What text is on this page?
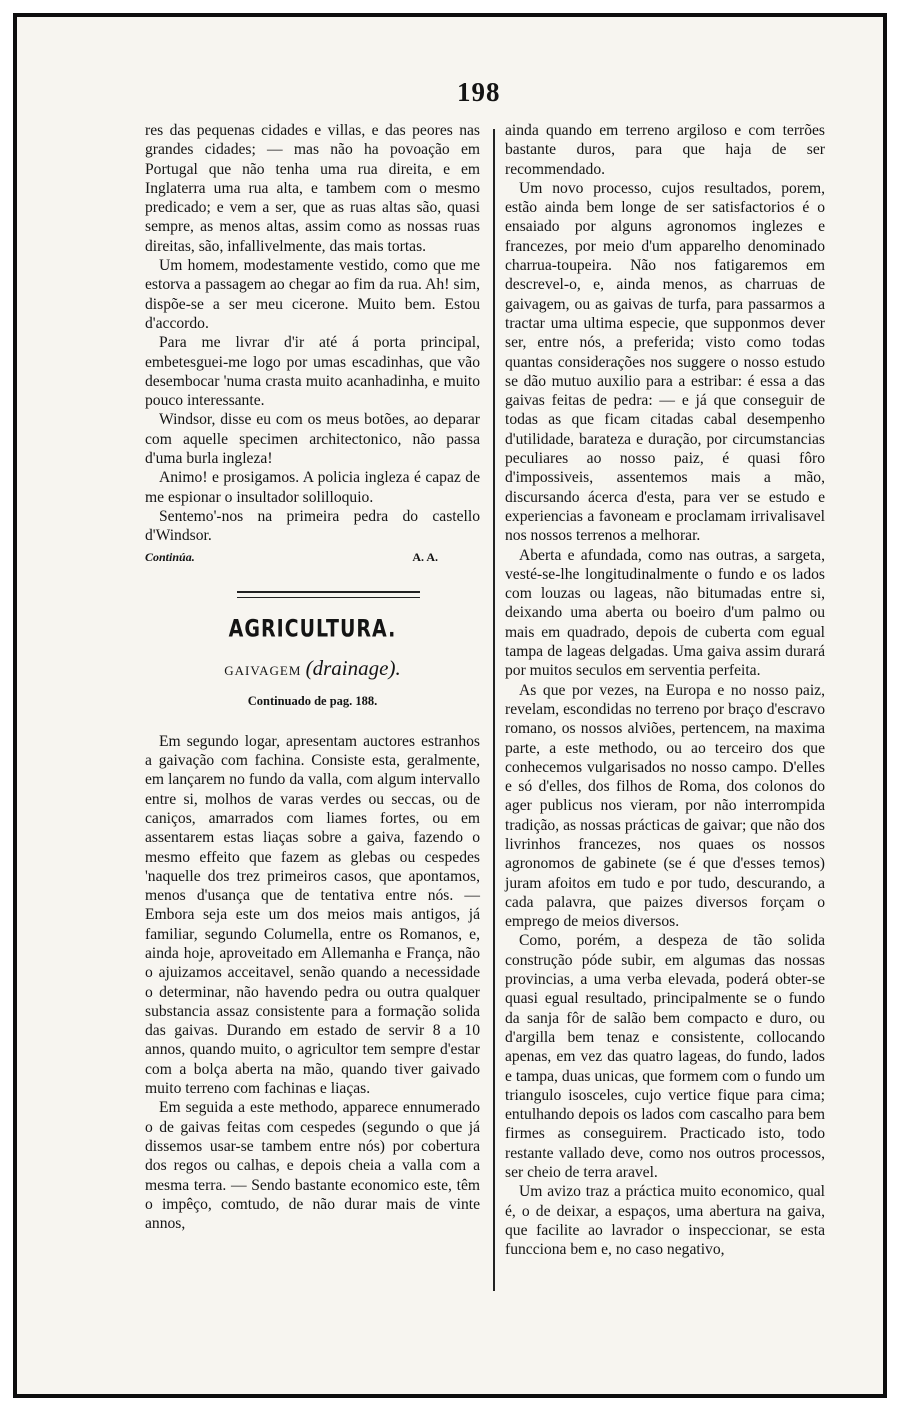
198

res das pequenas cidades e villas, e das peores nas grandes cidades; — mas não ha povoação em Portugal que não tenha uma rua direita, e em Inglaterra uma rua alta, e tambem com o mesmo predicado; e vem a ser, que as ruas altas são, quasi sempre, as menos altas, assim como as nossas ruas direitas, são, infallivelmente, das mais tortas.

Um homem, modestamente vestido, como que me estorva a passagem ao chegar ao fim da rua. Ah! sim, dispõe-se a ser meu cicerone. Muito bem. Estou d'accordo.

Para me livrar d'ir até á porta principal, embetesguei-me logo por umas escadinhas, que vão desembocar 'numa crasta muito acanhadinha, e muito pouco interessante.

Windsor, disse eu com os meus botões, ao deparar com aquelle specimen architectonico, não passa d'uma burla ingleza!

Animo! e prosigamos. A policia ingleza é capaz de me espionar o insultador solilloquio.

Sentemo'-nos na primeira pedra do castello d'Windsor.

Continúa.	A. A.
AGRICULTURA.
GAIVAGEM (drainage).
Continuado de pag. 188.

Em segundo logar, apresentam auctores estranhos a gaivação com fachina. Consiste esta, geralmente, em lançarem no fundo da valla, com algum intervallo entre si, molhos de varas verdes ou seccas, ou de caniços, amarrados com liames fortes, ou em assentarem estas liaças sobre a gaiva, fazendo o mesmo effeito que fazem as glebas ou cespedes 'naquelle dos trez primeiros casos, que apontamos, menos d'usança que de tentativa entre nós. — Embora seja este um dos meios mais antigos, já familiar, segundo Columella, entre os Romanos, e, ainda hoje, aproveitado em Allemanha e França, não o ajuizamos acceitavel, senão quando a necessidade o determinar, não havendo pedra ou outra qualquer substancia assaz consistente para a formação solida das gaivas. Durando em estado de servir 8 a 10 annos, quando muito, o agricultor tem sempre d'estar com a bolça aberta na mão, quando tiver gaivado muito terreno com fachinas e liaças.

Em seguida a este methodo, apparece ennumerado o de gaivas feitas com cespedes (segundo o que já dissemos usar-se tambem entre nós) por cobertura dos regos ou calhas, e depois cheia a valla com a mesma terra. — Sendo bastante economico este, têm o impêço, comtudo, de não durar mais de vinte annos,

ainda quando em terreno argiloso e com terrões bastante duros, para que haja de ser recommendado.

Um novo processo, cujos resultados, porem, estão ainda bem longe de ser satisfactorios é o ensaiado por alguns agronomos inglezes e francezes, por meio d'um apparelho denominado charrua-toupeira. Não nos fatigaremos em descrevel-o, e, ainda menos, as charruas de gaivagem, ou as gaivas de turfa, para passarmos a tractar uma ultima especie, que supponmos dever ser, entre nós, a preferida; visto como todas quantas considerações nos suggere o nosso estudo se dão mutuo auxilio para a estribar: é essa a das gaivas feitas de pedra: — e já que conseguir de todas as que ficam citadas cabal desempenho d'utilidade, barateza e duração, por circumstancias peculiares ao nosso paiz, é quasi fôro d'impossiveis, assentemos mais a mão, discursando ácerca d'esta, para ver se estudo e experiencias a favoneam e proclamam irrivalisavel nos nossos terrenos a melhorar.

Aberta e afundada, como nas outras, a sargeta, vesté-se-lhe longitudinalmente o fundo e os lados com louzas ou lageas, não bitumadas entre si, deixando uma aberta ou boeiro d'um palmo ou mais em quadrado, depois de cuberta com egual tampa de lageas delgadas. Uma gaiva assim durará por muitos seculos em serventia perfeita.

As que por vezes, na Europa e no nosso paiz, revelam, escondidas no terreno por braço d'escravo romano, os nossos alviões, pertencem, na maxima parte, a este methodo, ou ao terceiro dos que conhecemos vulgarisados no nosso campo. D'elles e só d'elles, dos filhos de Roma, dos colonos do ager publicus nos vieram, por não interrompida tradição, as nossas prácticas de gaivar; que não dos livrinhos francezes, nos quaes os nossos agronomos de gabinete (se é que d'esses temos) juram afoitos em tudo e por tudo, descurando, a cada palavra, que paizes diversos forçam o emprego de meios diversos.

Como, porém, a despeza de tão solida construção póde subir, em algumas das nossas provincias, a uma verba elevada, poderá obter-se quasi egual resultado, principalmente se o fundo da sanja fôr de salão bem compacto e duro, ou d'argilla bem tenaz e consistente, collocando apenas, em vez das quatro lageas, do fundo, lados e tampa, duas unicas, que formem com o fundo um triangulo isosceles, cujo vertice fique para cima; entulhando depois os lados com cascalho para bem firmes as conseguirem. Practicado isto, todo restante vallado deve, como nos outros processos, ser cheio de terra aravel.

Um avizo traz a práctica muito economico, qual é, o de deixar, a espaços, uma abertura na gaiva, que facilite ao lavrador o inspeccionar, se esta funcciona bem e, no caso negativo,
